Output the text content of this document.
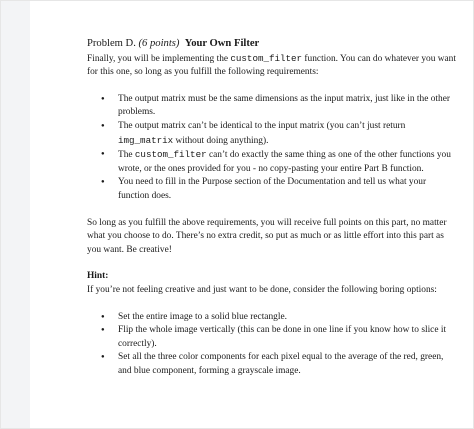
Problem D. (6 points) Your Own Filter

Finally, you will be implementing the custom_filter function. You can do whatever you want for this one, so long as you fulfill the following requirements:

● The output matrix must be the same dimensions as the input matrix, just like in the other problems.
● The output matrix can’t be identical to the input matrix (you can’t just return img_matrix without doing anything).
● The custom_filter can’t do exactly the same thing as one of the other functions you wrote, or the ones provided for you - no copy-pasting your entire Part B function.
● You need to fill in the Purpose section of the Documentation and tell us what your function does.

So long as you fulfill the above requirements, you will receive full points on this part, no matter what you choose to do. There’s no extra credit, so put as much or as little effort into this part as you want. Be creative!

Hint:

If you’re not feeling creative and just want to be done, consider the following boring options:

● Set the entire image to a solid blue rectangle.
● Flip the whole image vertically (this can be done in one line if you know how to slice it correctly).
● Set all the three color components for each pixel equal to the average of the red, green, and blue component, forming a grayscale image.
